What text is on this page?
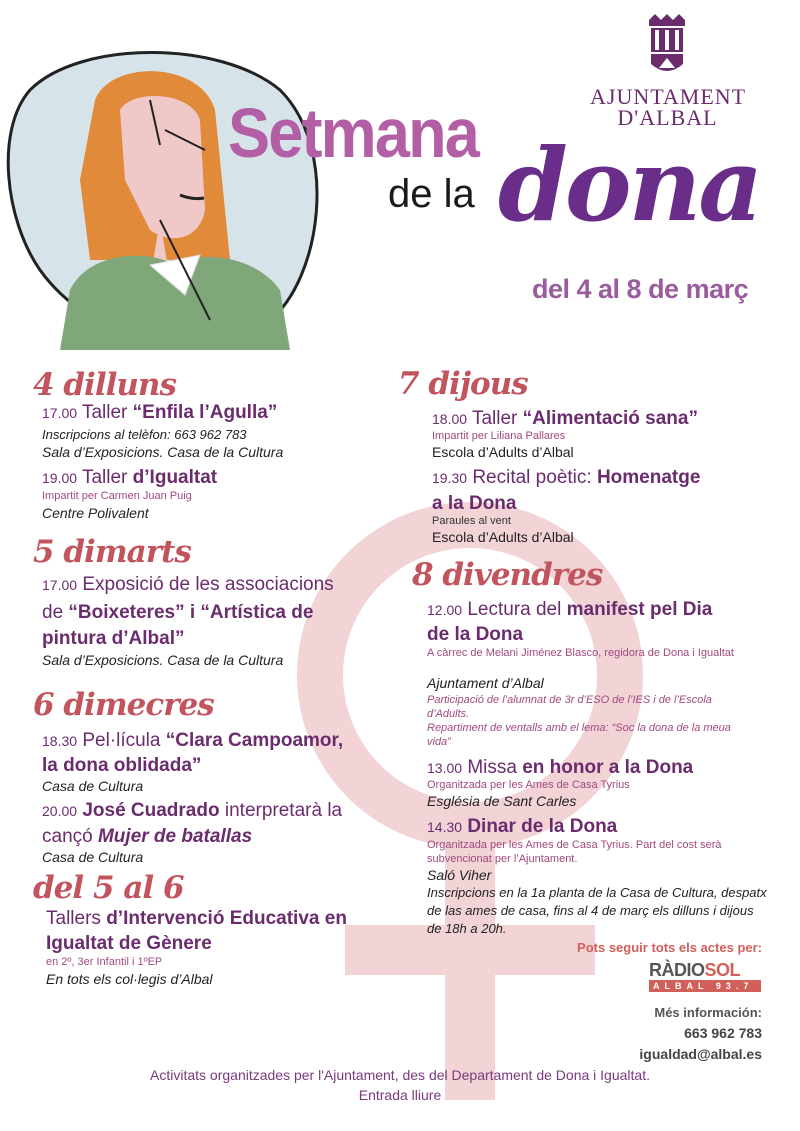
AJUNTAMENT
D'ALBAL
Setmana
de la dona
del 4 al 8 de març
4 dilluns
17.00 Taller “Enfila l’Agulla”
Inscripcions al telèfon: 663 962 783
Sala d’Exposicions. Casa de la Cultura
19.00 Taller d’Igualtat
Impartit per Carmen Juan Puig
Centre Polivalent
5 dimarts
17.00 Exposició de les associacions
de “Boixeteres” i “Artística de
pintura d’Albal”
Sala d’Exposicions. Casa de la Cultura
6 dimecres
18.30 Pel·lícula “Clara Campoamor,
la dona oblidada”
Casa de Cultura
20.00 José Cuadrado interpretarà la
cançó Mujer de batallas
Casa de Cultura
del 5 al 6
Tallers d’Intervenció Educativa en
Igualtat de Gènere
en 2º, 3er Infantil i 1ºEP
En tots els col·legis d’Albal
7 dijous
18.00 Taller “Alimentació sana”
Impartit per Liliana Pallares
Escola d’Adults d’Albal
19.30 Recital poètic: Homenatge
a la Dona
Paraules al vent
Escola d’Adults d’Albal
8 divendres
12.00 Lectura del manifest pel Dia
de la Dona
A càrrec de Melani Jiménez Blasco, regidora de Dona i Igualtat
Ajuntament d’Albal
Participació de l’alumnat de 3r d’ESO de l’IES i de l’Escola d’Adults.
Repartiment de ventalls amb el lema: “Soc la dona de la meua vida”
13.00 Missa en honor a la Dona
Organitzada per les Ames de Casa Tyrius
Església de Sant Carles
14.30 Dinar de la Dona
Organitzada per les Ames de Casa Tyrius. Part del cost serà subvencionat per l’Ajuntament.
Saló Viher
Inscripcions en la 1a planta de la Casa de Cultura, despatx de las ames de casa, fins al 4 de març els dilluns i dijous de 18h a 20h.
Pots seguir tots els actes per:
RÀDIOSOL
ALBAL 93.7
Més información:
663 962 783
igualdad@albal.es
Activitats organitzades per l'Ajuntament, des del Departament de Dona i Igualtat.
Entrada lliure
